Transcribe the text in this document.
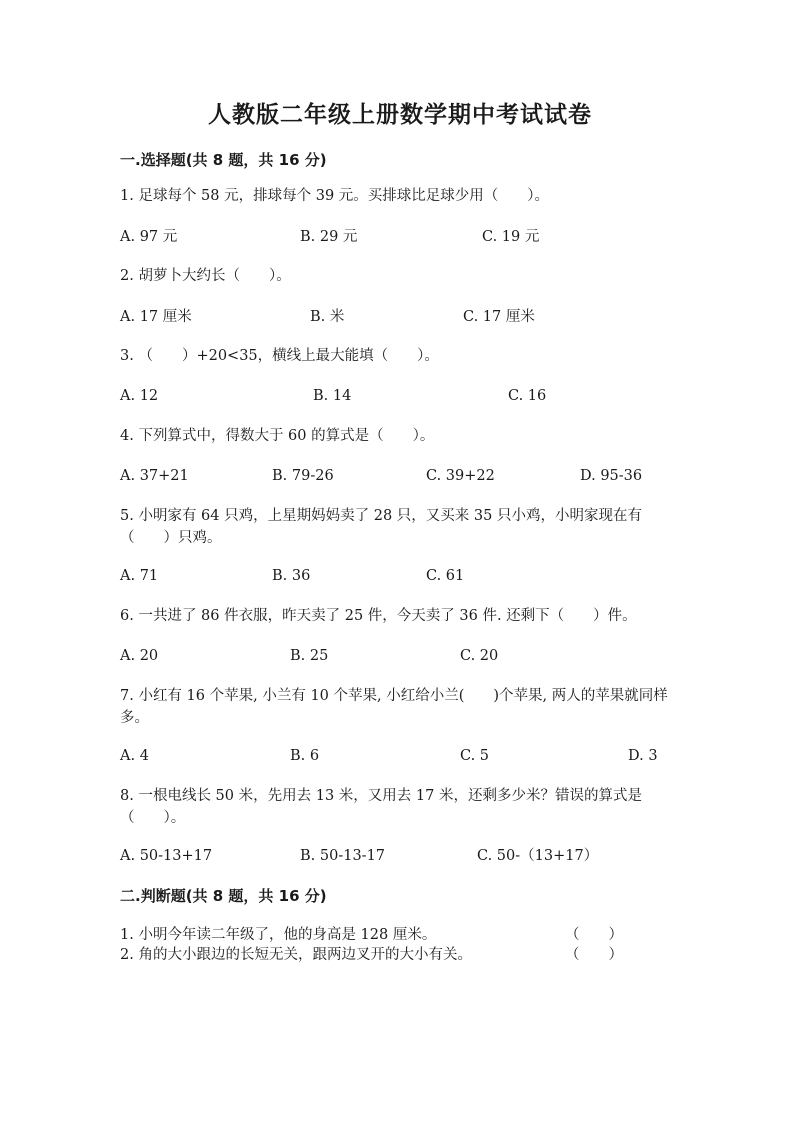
人教版二年级上册数学期中考试试卷
一.选择题(共 8 题，共 16 分)
1. 足球每个 58 元，排球每个 39 元。买排球比足球少用（　　）。
A. 97 元	B. 29 元	C. 19 元
2. 胡萝卜大约长（　　）。
A. 17 厘米	B. 米	C. 17 厘米
3. （　　）+20<35，横线上最大能填（　　）。
A. 12	B. 14	C. 16
4. 下列算式中，得数大于 60 的算式是（　　）。
A. 37+21	B. 79-26	C. 39+22	D. 95-36
5. 小明家有 64 只鸡，上星期妈妈卖了 28 只，又买来 35 只小鸡，小明家现在有（　　）只鸡。
A. 71	B. 36	C. 61
6. 一共进了 86 件衣服，昨天卖了 25 件，今天卖了 36 件. 还剩下（　　）件。
A. 20	B. 25	C. 20
7. 小红有 16 个苹果, 小兰有 10 个苹果, 小红给小兰(　　)个苹果, 两人的苹果就同样多。
A. 4	B. 6	C. 5	D. 3
8. 一根电线长 50 米，先用去 13 米，又用去 17 米，还剩多少米？错误的算式是（　　）。
A. 50-13+17	B. 50-13-17	C. 50-（13+17）
二.判断题(共 8 题，共 16 分)
1. 小明今年读二年级了，他的身高是 128 厘米。	（　　）
2. 角的大小跟边的长短无关，跟两边叉开的大小有关。	（　　）
